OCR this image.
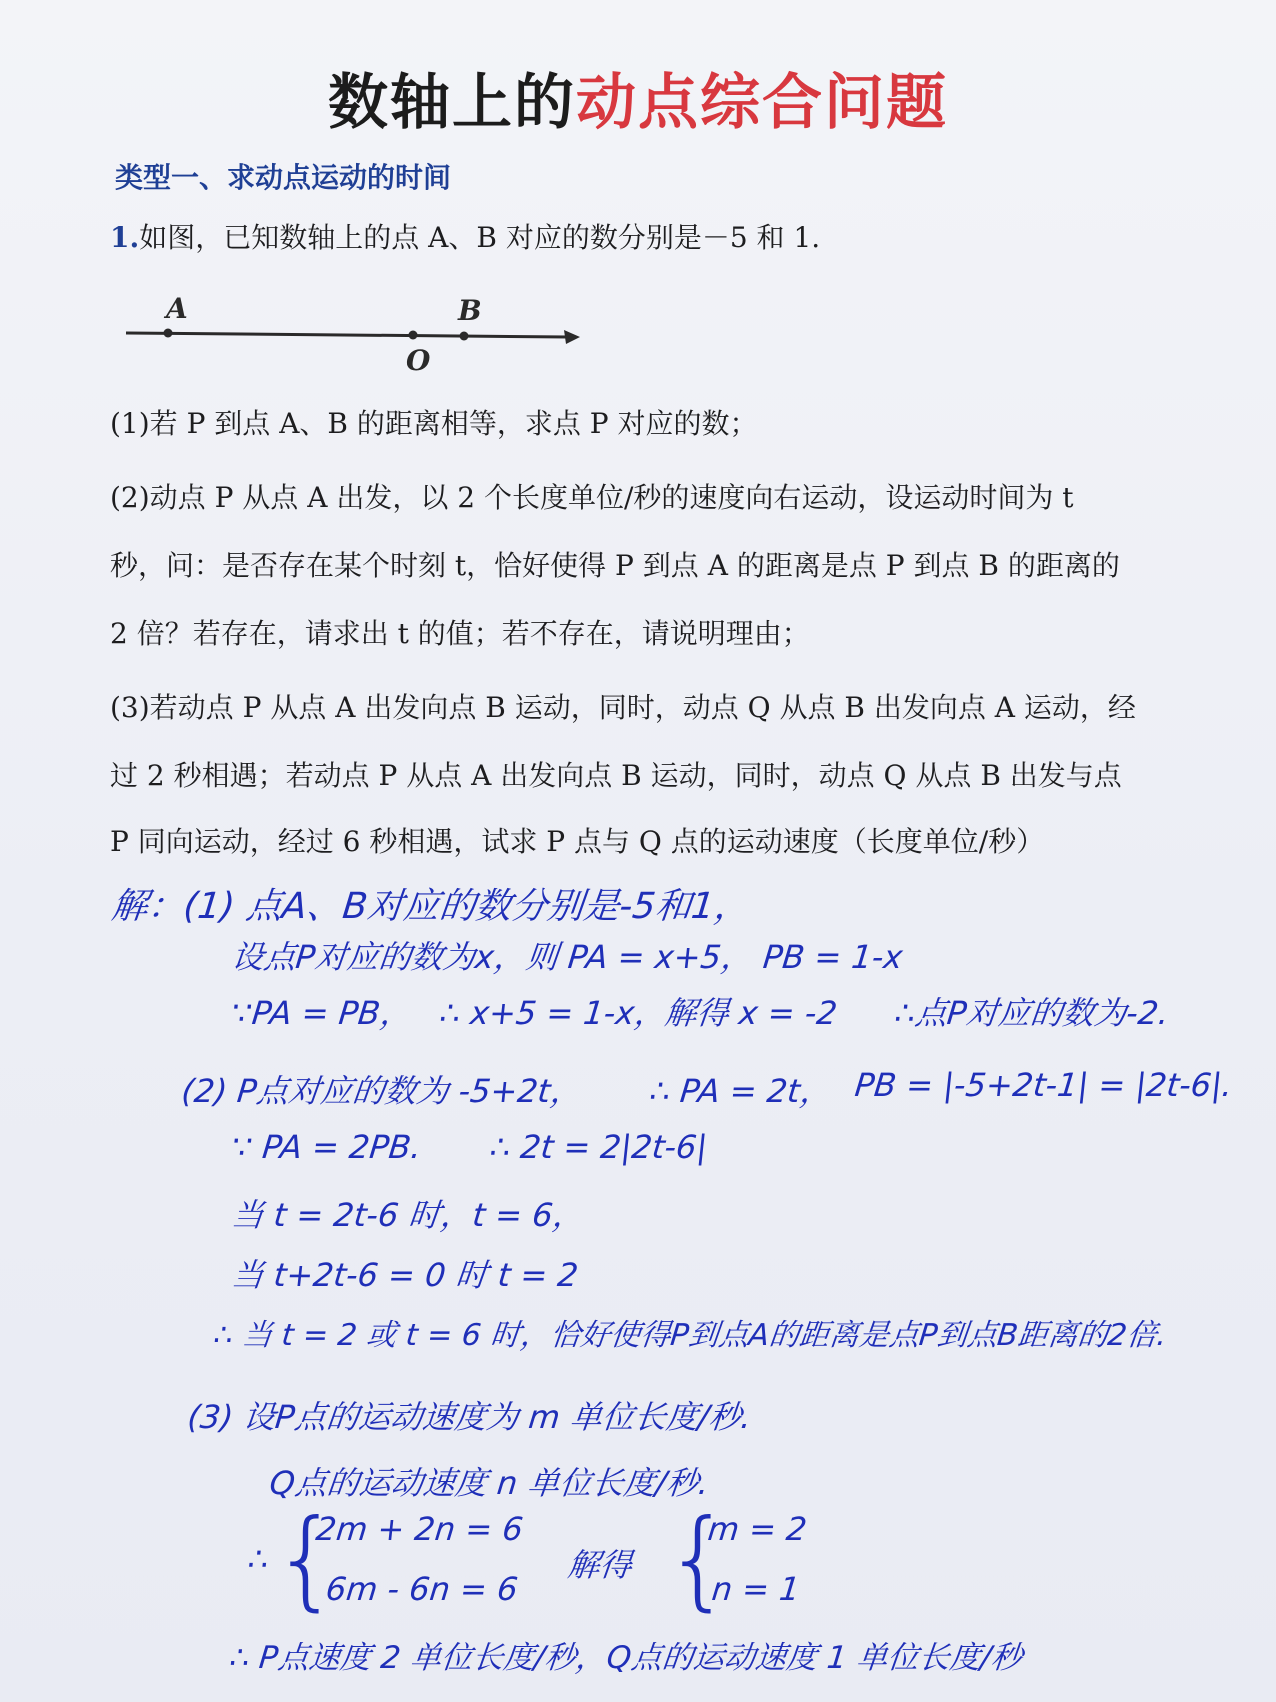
数轴上的动点综合问题
类型一、求动点运动的时间
1.如图，已知数轴上的点 A、B 对应的数分别是－5 和 1.
A	B
O
(1)若 P 到点 A、B 的距离相等，求点 P 对应的数；
(2)动点 P 从点 A 出发，以 2 个长度单位/秒的速度向右运动，设运动时间为 t
秒，问：是否存在某个时刻 t，恰好使得 P 到点 A 的距离是点 P 到点 B 的距离的
2 倍？若存在，请求出 t 的值；若不存在，请说明理由；
(3)若动点 P 从点 A 出发向点 B 运动，同时，动点 Q 从点 B 出发向点 A 运动，经
过 2 秒相遇；若动点 P 从点 A 出发向点 B 运动，同时，动点 Q 从点 B 出发与点
P 同向运动，经过 6 秒相遇，试求 P 点与 Q 点的运动速度（长度单位/秒）
解：(1) 点A、B对应的数分别是-5和1，
设点P对应的数为x，则 PA = x+5， PB = 1-x
∵PA = PB， ∴ x+5 = 1-x，
解得 x = -2 ∴点P对应的数为-2.
(2) P点对应的数为 -5+2t， ∴ PA = 2t， PB = |-5+2t-1| = |2t-6|.
∵ PA = 2PB. ∴ 2t = 2|2t-6|
当 t = 2t-6 时，t = 6，
当 t+2t-6 = 0 时 t = 2
∴ 当 t = 2 或 t = 6 时，恰好使得P到点A的距离是点P到点B距离的2倍.
(3) 设P点的运动速度为 m 单位长度/秒.
Q点的运动速度 n 单位长度/秒.
∴ {
2m + 2n = 6
6m - 6n = 6
解得 {
m = 2
n = 1
∴ P点速度 2 单位长度/秒，Q点的运动速度 1 单位长度/秒
